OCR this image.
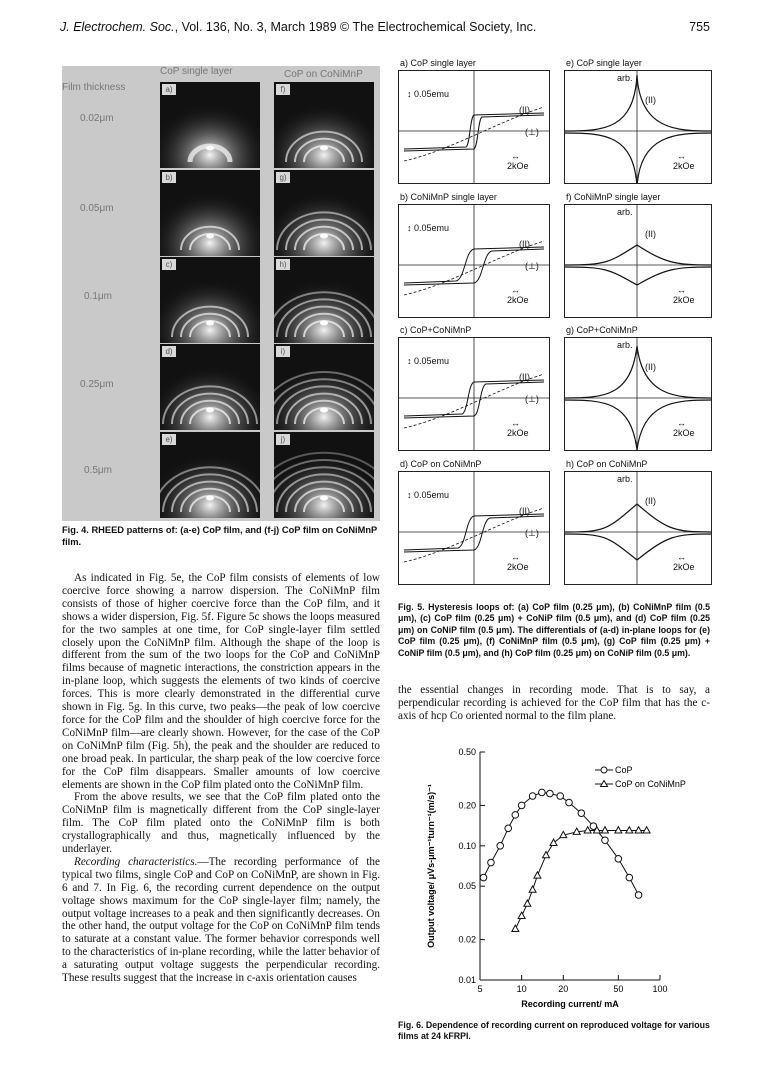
J. Electrochem. Soc., Vol. 136, No. 3, March 1989 © The Electrochemical Society, Inc.	755
CoP single layer	CoP on CoNiMnP
Film thickness
0.02μm
0.05μm
0.1μm
0.25μm
0.5μm
Fig. 4. RHEED patterns of: (a-e) CoP film, and (f-j) CoP film on CoNiMnP film.

As indicated in Fig. 5e, the CoP film consists of elements of low coercive force showing a narrow dispersion. The CoNiMnP film consists of those of higher coercive force than the CoP film, and it shows a wider dispersion, Fig. 5f. Figure 5c shows the loops measured for the two samples at one time, for CoP single-layer film settled closely upon the CoNiMnP film. Although the shape of the loop is different from the sum of the two loops for the CoP and CoNiMnP films because of magnetic interactions, the constriction appears in the in-plane loop, which suggests the elements of two kinds of coercive forces. This is more clearly demonstrated in the differential curve shown in Fig. 5g. In this curve, two peaks—the peak of low coercive force for the CoP film and the shoulder of high coercive force for the CoNiMnP film—are clearly shown. However, for the case of the CoP on CoNiMnP film (Fig. 5h), the peak and the shoulder are reduced to one broad peak. In particular, the sharp peak of the low coercive force for the CoP film disappears. Smaller amounts of low coercive elements are shown in the CoP film plated onto the CoNiMnP film.

From the above results, we see that the CoP film plated onto the CoNiMnP film is magnetically different from the CoP single-layer film. The CoP film plated onto the CoNiMnP film is both crystallographically and thus, magnetically influenced by the underlayer.

Recording characteristics.—The recording performance of the typical two films, single CoP and CoP on CoNiMnP, are shown in Fig. 6 and 7. In Fig. 6, the recording current dependence on the output voltage shows maximum for the CoP single-layer film; namely, the output voltage increases to a peak and then significantly decreases. On the other hand, the output voltage for the CoP on CoNiMnP film tends to saturate at a constant value. The former behavior corresponds well to the characteristics of in-plane recording, while the latter behavior of a saturating output voltage suggests the perpendicular recording. These results suggest that the increase in c-axis orientation causes

a) CoP single layer
↕ 0.05emu
(II)
(⊥)
↔
2kOe
b) CoNiMnP single layer
↕ 0.05emu
(II)
(⊥)
↔
2kOe
c) CoP+CoNiMnP
↕ 0.05emu
(II)
(⊥)
↔
2kOe
d) CoP on CoNiMnP
↕ 0.05emu
(II)
(⊥)
↔
2kOe
e) CoP single layer
arb.
(II)
↔
2kOe
f) CoNiMnP single layer
arb.
(II)
↔
2kOe
g) CoP+CoNiMnP
arb.
(II)
↔
2kOe
h) CoP on CoNiMnP
arb.
(II)
↔
2kOe
Fig. 5. Hysteresis loops of: (a) CoP film (0.25 μm), (b) CoNiMnP film (0.5 μm), (c) CoP film (0.25 μm) + CoNiP film (0.5 μm), and (d) CoP film (0.25 μm) on CoNiP film (0.5 μm). The differentials of (a-d) in-plane loops for (e) CoP film (0.25 μm), (f) CoNiMnP film (0.5 μm), (g) CoP film (0.25 μm) + CoNiP film (0.5 μm), and (h) CoP film (0.25 μm) on CoNiP film (0.5 μm).

the essential changes in recording mode. That is to say, a perpendicular recording is achieved for the CoP film that has the c-axis of hcp Co oriented normal to the film plane.

0.01
0.02
0.05
0.10
0.20
0.50
5	10	20	50	100
Recording current/ mA
Output voltage/ μVs-μm⁻¹turn⁻¹(m/s)⁻¹
CoP
CoP on CoNiMnP
Fig. 6. Dependence of recording current on reproduced voltage for various films at 24 kFRPI.
